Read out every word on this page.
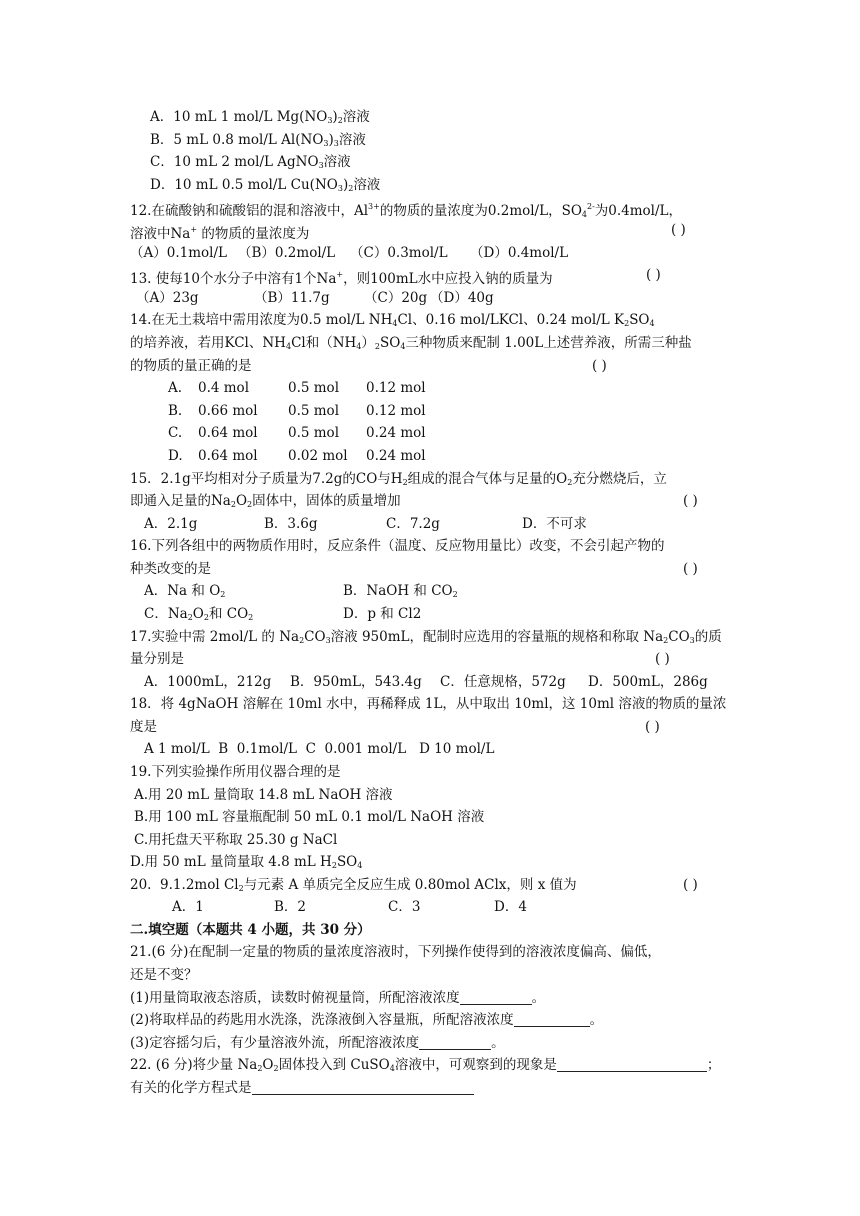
A．10 mL 1 mol/L $Mg(NO_3)_2$溶液
B．5 mL 0.8 mol/L $Al(NO_3)_3$溶液
C．10 mL 2 mol/L AgNO$_3$溶液
D．10 mL 0.5 mol/L $Cu(NO_3)_2$溶液
12.在硫酸钠和硫酸铝的混和溶液中，$Al^{3+}$的物质的量浓度为0.2mol/L，$SO_4^{2-}$为0.4mol/L，
溶液中Na+ 的物质的量浓度为	( )
（A）0.1mol/L （B）0.2mol/L （C）0.3mol/L （D）0.4mol/L
13. 使每10个水分子中溶有1个Na+，则100mL水中应投入钠的质量为	( )
（A）23g	（B）11.7g	（C）20g （D）40g
14.在无土栽培中需用浓度为0.5 mol/L $NH_4Cl$、0.16 mol/LKCl、0.24 mol/L $K_2SO_4$
的培养液，若用KCl、$NH_4Cl$和$(NH_4)_2SO_4$三种物质来配制 1.00L上述营养液，所需三种盐
的物质的量正确的是	( )
A. 0.4 mol	0.5 mol 0.12 mol
B. 0.66 mol 0.5 mol 0.12 mol
C. 0.64 mol 0.5 mol 0.24 mol
D. 0.64 mol 0.02 mol 0.24 mol
15．2.1g平均相对分子质量为7.2g的CO与$H_2$组成的混合气体与足量的$O_2$充分燃烧后，立
即通入足量的$Na_2O_2$固体中，固体的质量增加	( )
A．2.1g	B．3.6g	C．7.2g	D．不可求
16.下列各组中的两物质作用时，反应条件（温度、反应物用量比）改变，不会引起产物的
种类改变的是	( )
A．Na 和 $O_2$	B．NaOH 和 $CO_2$
C．$Na_2O_2$和 $CO_2$	D．p 和 Cl2
17.实验中需 2mol/L 的 $Na_2CO_3$溶液 950mL，配制时应选用的容量瓶的规格和称取 $Na_2CO_3$的质
量分别是	( )
A．1000mL，212g B．950mL，543.4g C．任意规格，572g D．500mL，286g
18．将 4gNaOH 溶解在 10ml 水中，再稀释成 1L，从中取出 10ml，这 10ml 溶液的物质的量浓
度是	( )
A 1 mol/L  B  0.1mol/L  C  0.001 mol/L   D 10 mol/L
19.下列实验操作所用仪器合理的是
A.用 20 mL 量筒取 14.8 mL NaOH 溶液
B.用 100 mL 容量瓶配制 50 mL 0.1 mol/L NaOH 溶液
C.用托盘天平称取 25.30 g NaCl
D.用 50 mL 量筒量取 4.8 mL $H_2SO_4$
20.  9.1.2mol $Cl_2$与元素 A 单质完全反应生成 0.80mol AClx，则 x 值为	( )
A．1	B．2	C．3	D．4
二.填空题（本题共 4 小题，共 30 分）
21.(6 分)在配制一定量的物质的量浓度溶液时，下列操作使得到的溶液浓度偏高、偏低，
还是不变？
(1)用量筒取液态溶质，读数时俯视量筒，所配溶液浓度	。
(2)将取样品的药匙用水洗涤，洗涤液倒入容量瓶，所配溶液浓度	。
(3)定容摇匀后，有少量溶液外流，所配溶液浓度	。
22. (6 分)将少量 $Na_2O_2$固体投入到 CuSO$_4$溶液中，可观察到的现象是	；
有关的化学方程式是
